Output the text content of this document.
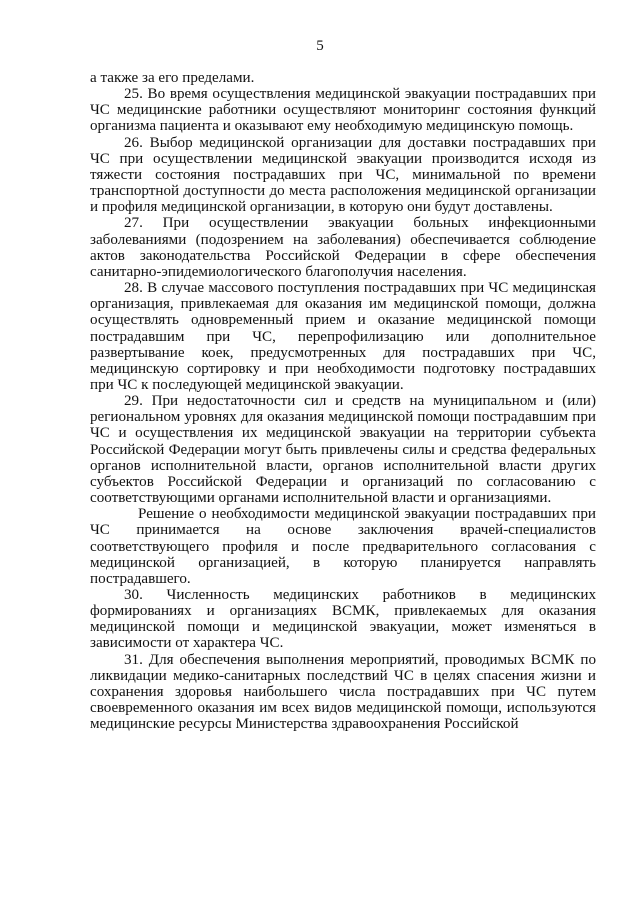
5

а также за его пределами.

25. Во время осуществления медицинской эвакуации пострадавших при ЧС медицинские работники осуществляют мониторинг состояния функций организма пациента и оказывают ему необходимую медицинскую помощь.

26. Выбор медицинской организации для доставки пострадавших при ЧС при осуществлении медицинской эвакуации производится исходя из тяжести состояния пострадавших при ЧС, минимальной по времени транспортной доступности до места расположения медицинской организации и профиля медицинской организации, в которую они будут доставлены.

27. При осуществлении эвакуации больных инфекционными заболеваниями (подозрением на заболевания) обеспечивается соблюдение актов законодательства Российской Федерации в сфере обеспечения санитарно-эпидемиологического благополучия населения.

28. В случае массового поступления пострадавших при ЧС медицинская организация, привлекаемая для оказания им медицинской помощи, должна осуществлять одновременный прием и оказание медицинской помощи пострадавшим при ЧС, перепрофилизацию или дополнительное развертывание коек, предусмотренных для пострадавших при ЧС, медицинскую сортировку и при необходимости подготовку пострадавших при ЧС к последующей медицинской эвакуации.

29. При недостаточности сил и средств на муниципальном и (или) региональном уровнях для оказания медицинской помощи пострадавшим при ЧС и осуществления их медицинской эвакуации на территории субъекта Российской Федерации могут быть привлечены силы и средства федеральных органов исполнительной власти, органов исполнительной власти других субъектов Российской Федерации и организаций по согласованию с соответствующими органами исполнительной власти и организациями.

Решение о необходимости медицинской эвакуации пострадавших при ЧС принимается на основе заключения врачей-специалистов соответствующего профиля и после предварительного согласования с медицинской организацией, в которую планируется направлять пострадавшего.

30. Численность медицинских работников в медицинских формированиях и организациях ВСМК, привлекаемых для оказания медицинской помощи и медицинской эвакуации, может изменяться в зависимости от характера ЧС.

31. Для обеспечения выполнения мероприятий, проводимых ВСМК по ликвидации медико-санитарных последствий ЧС в целях спасения жизни и сохранения здоровья наибольшего числа пострадавших при ЧС путем своевременного оказания им всех видов медицинской помощи, используются медицинские ресурсы Министерства здравоохранения Российской
